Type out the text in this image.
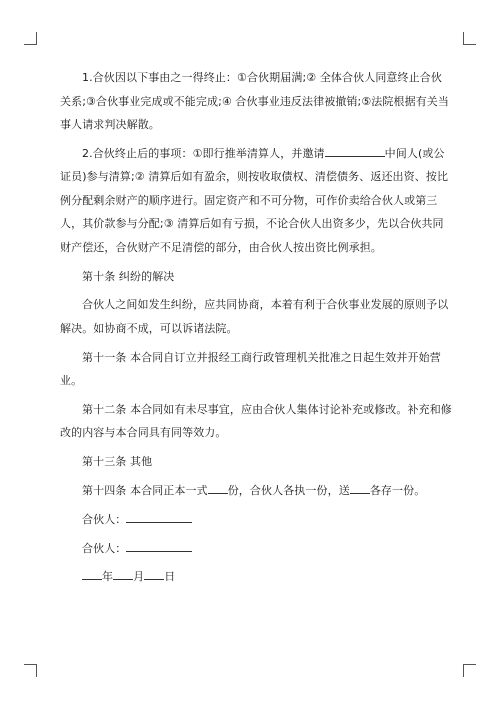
1.合伙因以下事由之一得终止：①合伙期届满;② 全体合伙人同意终止合伙关系;③合伙事业完成或不能完成;④ 合伙事业违反法律被撤销;⑤法院根据有关当事人请求判决解散。

2.合伙终止后的事项：①即行推举清算人，并邀请	中间人(或公证员)参与清算;② 清算后如有盈余，则按收取债权、清偿债务、返还出资、按比例分配剩余财产的顺序进行。固定资产和不可分物，可作价卖给合伙人或第三人，其价款参与分配;③ 清算后如有亏损，不论合伙人出资多少，先以合伙共同财产偿还，合伙财产不足清偿的部分，由合伙人按出资比例承担。

第十条 纠纷的解决

合伙人之间如发生纠纷，应共同协商，本着有利于合伙事业发展的原则予以解决。如协商不成，可以诉诸法院。

第十一条 本合同自订立并报经工商行政管理机关批准之日起生效并开始营业。

第十二条 本合同如有未尽事宜，应由合伙人集体讨论补充或修改。补充和修改的内容与本合同具有同等效力。

第十三条 其他

第十四条 本合同正本一式 份，合伙人各执一份，送 各存一份。

合伙人：

合伙人：

年 月 日
